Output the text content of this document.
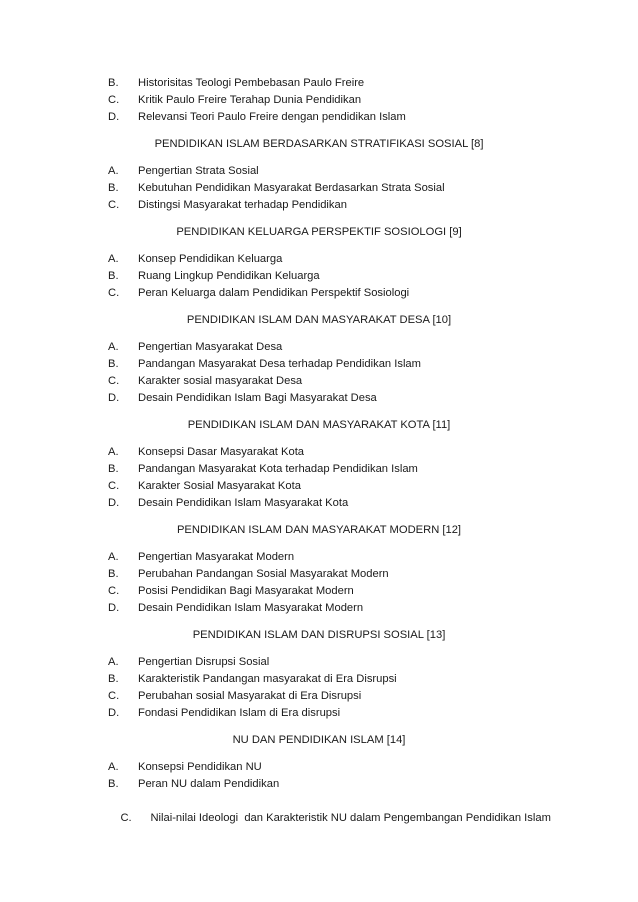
B. Historisitas Teologi Pembebasan Paulo Freire
C. Kritik Paulo Freire Terahap Dunia Pendidikan
D. Relevansi Teori Paulo Freire dengan pendidikan Islam
PENDIDIKAN ISLAM BERDASARKAN STRATIFIKASI SOSIAL [8]
A. Pengertian Strata Sosial
B. Kebutuhan Pendidikan Masyarakat Berdasarkan Strata Sosial
C. Distingsi Masyarakat terhadap Pendidikan
PENDIDIKAN KELUARGA PERSPEKTIF SOSIOLOGI [9]
A. Konsep Pendidikan Keluarga
B. Ruang Lingkup Pendidikan Keluarga
C. Peran Keluarga dalam Pendidikan Perspektif Sosiologi
PENDIDIKAN ISLAM DAN MASYARAKAT DESA [10]
A. Pengertian Masyarakat Desa
B. Pandangan Masyarakat Desa terhadap Pendidikan Islam
C. Karakter sosial masyarakat Desa
D. Desain Pendidikan Islam Bagi Masyarakat Desa
PENDIDIKAN ISLAM DAN MASYARAKAT KOTA [11]
A. Konsepsi Dasar Masyarakat Kota
B. Pandangan Masyarakat Kota terhadap Pendidikan Islam
C. Karakter Sosial Masyarakat Kota
D. Desain Pendidikan Islam Masyarakat Kota
PENDIDIKAN ISLAM DAN MASYARAKAT MODERN [12]
A. Pengertian Masyarakat Modern
B. Perubahan Pandangan Sosial Masyarakat Modern
C. Posisi Pendidikan Bagi Masyarakat Modern
D. Desain Pendidikan Islam Masyarakat Modern
PENDIDIKAN ISLAM DAN DISRUPSI SOSIAL [13]
A. Pengertian Disrupsi Sosial
B. Karakteristik Pandangan masyarakat di Era Disrupsi
C. Perubahan sosial Masyarakat di Era Disrupsi
D. Fondasi Pendidikan Islam di Era disrupsi
NU DAN PENDIDIKAN ISLAM [14]
A. Konsepsi Pendidikan NU
B. Peran NU dalam Pendidikan

C. Nilai-nilai Ideologi  dan Karakteristik NU dalam Pengembangan Pendidikan Islam
